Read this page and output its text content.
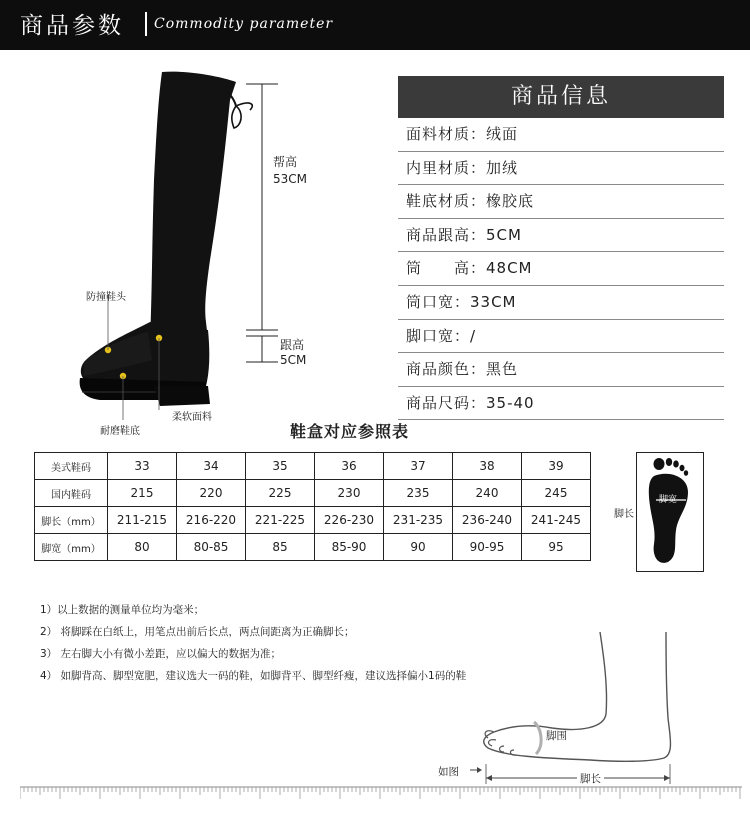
商品参数 Commodity parameter
帮高
53CM
跟高
5CM
防撞鞋头
柔软面料
耐磨鞋底
商品信息
面料材质：绒面
内里材质：加绒
鞋底材质：橡胶底
商品跟高：5CM
筒　　高：48CM
筒口宽：33CM
脚口宽：/
商品颜色：黑色
商品尺码：35-40
鞋盒对应参照表
美式鞋码	33	34	35	36	37	38	39
国内鞋码	215	220	225	230	235	240	245
脚长（mm）	211-215	216-220	221-225	226-230	231-235	236-240	241-245
脚宽（mm）	80	80-85	85	85-90	90	90-95	95
脚长
脚宽
1）以上数据的测量单位均为毫米；
2） 将脚踩在白纸上，用笔点出前后长点，两点间距离为正确脚长；
3） 左右脚大小有微小差距，应以偏大的数据为准；
4） 如脚背高、脚型宽肥，建议选大一码的鞋，如脚背平、脚型纤瘦，建议选择偏小1码的鞋
脚围
如图
脚长
